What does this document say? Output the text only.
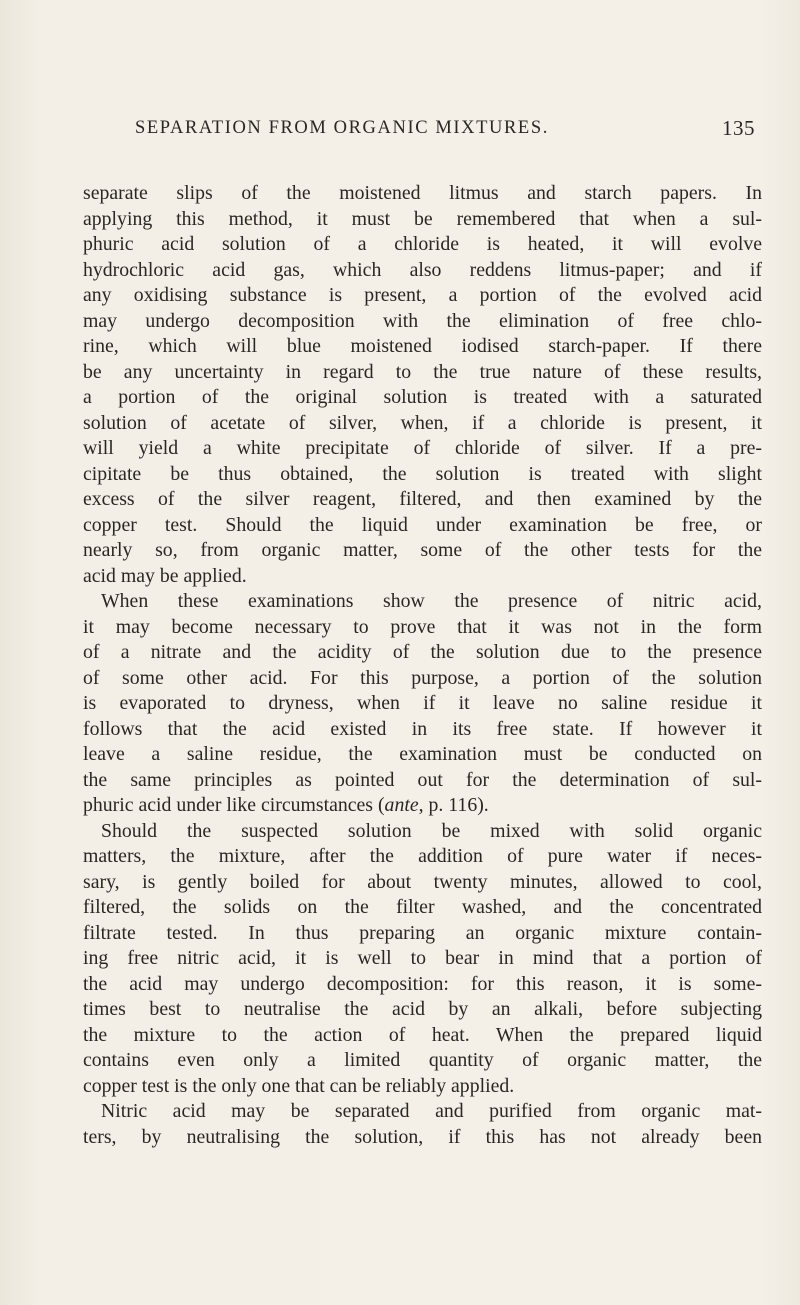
SEPARATION FROM ORGANIC MIXTURES.	135
separate slips of the moistened litmus and starch papers. In
applying this method, it must be remembered that when a sul-
phuric acid solution of a chloride is heated, it will evolve
hydrochloric acid gas, which also reddens litmus-paper; and if
any oxidising substance is present, a portion of the evolved acid
may undergo decomposition with the elimination of free chlo-
rine, which will blue moistened iodised starch-paper. If there
be any uncertainty in regard to the true nature of these results,
a portion of the original solution is treated with a saturated
solution of acetate of silver, when, if a chloride is present, it
will yield a white precipitate of chloride of silver. If a pre-
cipitate be thus obtained, the solution is treated with slight
excess of the silver reagent, filtered, and then examined by the
copper test. Should the liquid under examination be free, or
nearly so, from organic matter, some of the other tests for the
acid may be applied.
When these examinations show the presence of nitric acid,
it may become necessary to prove that it was not in the form
of a nitrate and the acidity of the solution due to the presence
of some other acid. For this purpose, a portion of the solution
is evaporated to dryness, when if it leave no saline residue it
follows that the acid existed in its free state. If however it
leave a saline residue, the examination must be conducted on
the same principles as pointed out for the determination of sul-
phuric acid under like circumstances (ante, p. 116).
Should the suspected solution be mixed with solid organic
matters, the mixture, after the addition of pure water if neces-
sary, is gently boiled for about twenty minutes, allowed to cool,
filtered, the solids on the filter washed, and the concentrated
filtrate tested. In thus preparing an organic mixture contain-
ing free nitric acid, it is well to bear in mind that a portion of
the acid may undergo decomposition: for this reason, it is some-
times best to neutralise the acid by an alkali, before subjecting
the mixture to the action of heat. When the prepared liquid
contains even only a limited quantity of organic matter, the
copper test is the only one that can be reliably applied.
Nitric acid may be separated and purified from organic mat-
ters, by neutralising the solution, if this has not already been
